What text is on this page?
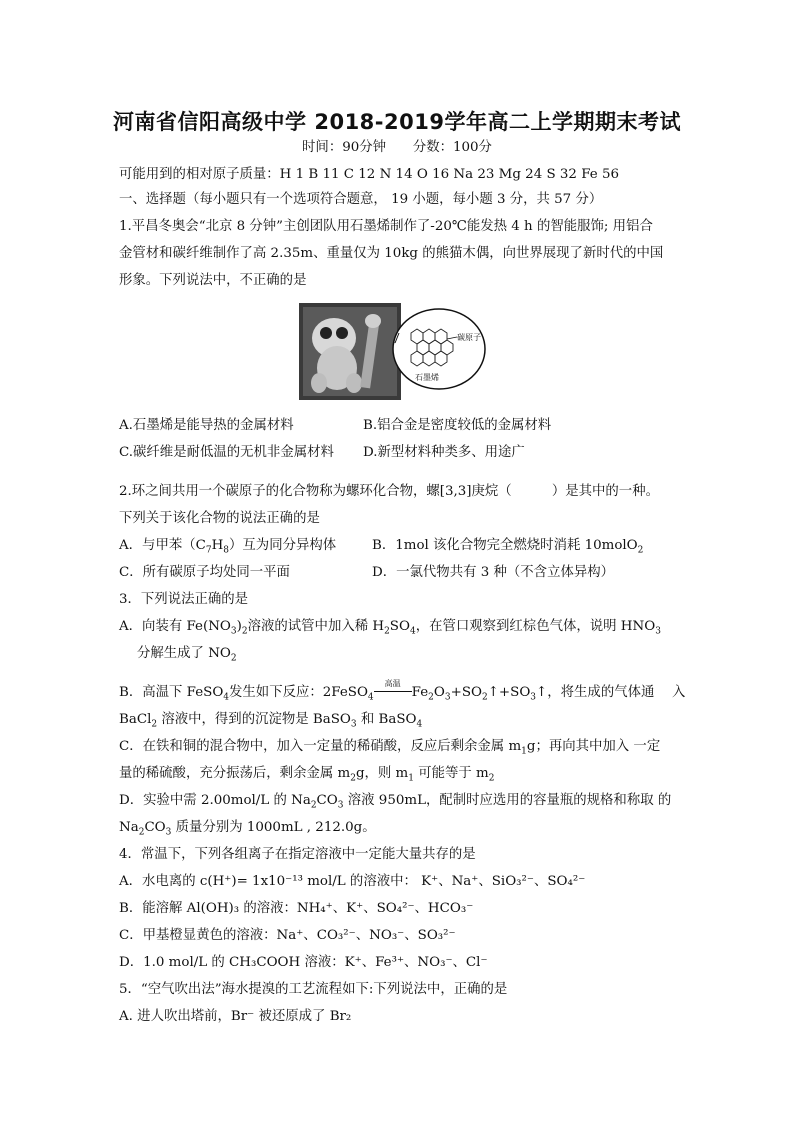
河南省信阳高级中学 2018-2019学年高二上学期期末考试
时间：90分钟　　分数：100分
可能用到的相对原子质量：H 1 B 11 C 12 N 14 O 16 Na 23 Mg 24 S 32 Fe 56
一、选择题（每小题只有一个选项符合题意， 19 小题，每小题 3 分，共 57 分）
1.平昌冬奥会“北京 8 分钟”主创团队用石墨烯制作了-20℃能发热 4 h 的智能服饰; 用铝合
金管材和碳纤维制作了高 2.35m、重量仅为 10kg 的熊猫木偶，向世界展现了新时代的中国
形象。下列说法中，不正确的是
碳原子
石墨烯
A.石墨烯是能导热的金属材料	B.铝合金是密度较低的金属材料
C.碳纤维是耐低温的无机非金属材料 D.新型材料种类多、用途广
2.环之间共用一个碳原子的化合物称为螺环化合物，螺[3,3]庚烷（　　　）是其中的一种。
下列关于该化合物的说法正确的是
A．与甲苯$(C_7H_8)$互为同分异构体	B．1mol 该化合物完全燃烧时消耗 10molO$_2$
C．所有碳原子均处同一平面	D．一氯代物共有 3 种（不含立体异构）
3．下列说法正确的是
A．向装有 $Fe(NO_3)_2$溶液的试管中加入稀 $H_2SO_4$，在管口观察到红棕色气体，说明 $HNO_3$
分解生成了 $NO_2$
B．高温下 FeSO$_4$发生如下反应：2FeSO$_4$
高温
$Fe_2O_3+SO_2↑+SO_3↑$，将生成的气体通　 入
BaCl$_2$ 溶液中，得到的沉淀物是 BaSO$_3$ 和 BaSO$_4$
C．在铁和铜的混合物中，加入一定量的稀硝酸，反应后剩余金属 $m_1g$；再向其中加入 一定
量的稀硫酸，充分振荡后，剩余金属 $m_2g$，则 $m_1$ 可能等于 $m_2$
D．实验中需 2.00mol/L 的 $Na_2CO_3$ 溶液 950mL，配制时应选用的容量瓶的规格和称取 的
$Na_2CO_3$ 质量分别为 1000mL , 212.0g。
4．常温下，下列各组离子在指定溶液中一定能大量共存的是
A．水电离的 c(H⁺)= 1x10⁻¹³ mol/L 的溶液中： K⁺、Na⁺、SiO₃²⁻、SO₄²⁻
B．能溶解 Al(OH)₃ 的溶液：NH₄⁺、K⁺、SO₄²⁻、HCO₃⁻
C．甲基橙显黄色的溶液：Na⁺、CO₃²⁻、NO₃⁻、SO₃²⁻
D．1.0 mol/L 的 CH₃COOH 溶液：K⁺、Fe³⁺、NO₃⁻、Cl⁻
5．“空气吹出法”海水提溴的工艺流程如下:下列说法中，正确的是
A. 进人吹出塔前，Br⁻ 被还原成了 Br₂
